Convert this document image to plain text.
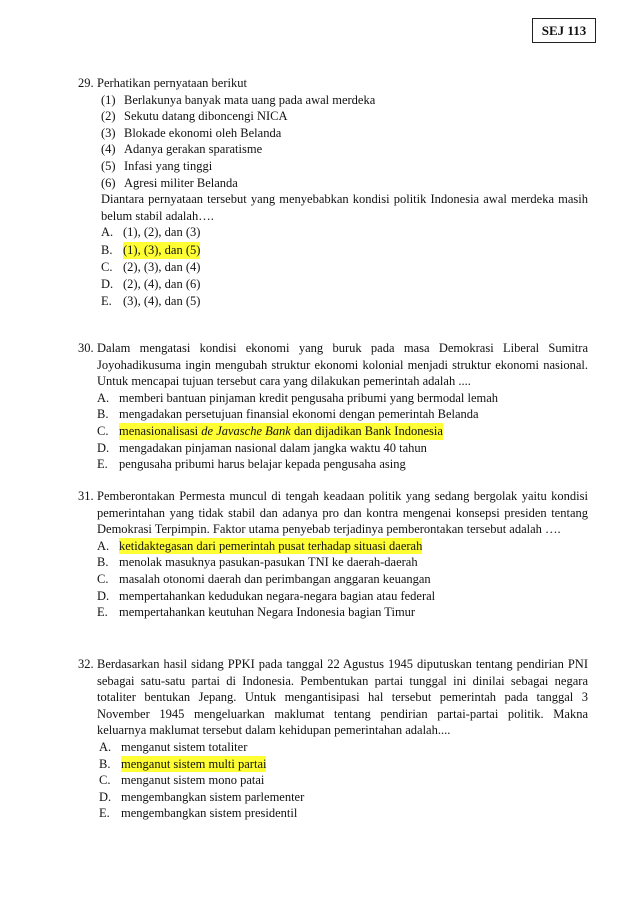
SEJ 113
29. Perhatikan pernyataan berikut
(1) Berlakunya banyak mata uang pada awal merdeka
(2) Sekutu datang diboncengi NICA
(3) Blokade ekonomi oleh Belanda
(4) Adanya gerakan sparatisme
(5) Infasi yang tinggi
(6) Agresi militer Belanda
Diantara pernyataan tersebut yang menyebabkan kondisi politik Indonesia awal merdeka masih belum stabil adalah….
A. (1), (2), dan (3)
B. (1), (3), dan (5)
C. (2), (3), dan (4)
D. (2), (4), dan (6)
E. (3), (4), dan (5)
30. Dalam mengatasi kondisi ekonomi yang buruk pada masa Demokrasi Liberal Sumitra Joyohadikusuma ingin mengubah struktur ekonomi kolonial menjadi struktur ekonomi nasional. Untuk mencapai tujuan tersebut cara yang dilakukan pemerintah adalah ....
A. memberi bantuan pinjaman kredit pengusaha pribumi yang bermodal lemah
B. mengadakan persetujuan finansial ekonomi dengan pemerintah Belanda
C. menasionalisasi de Javasche Bank dan dijadikan Bank Indonesia
D. mengadakan pinjaman nasional dalam jangka waktu 40 tahun
E. pengusaha pribumi harus belajar kepada pengusaha asing
31. Pemberontakan Permesta muncul di tengah keadaan politik yang sedang bergolak yaitu kondisi pemerintahan yang tidak stabil dan adanya pro dan kontra mengenai konsepsi presiden tentang Demokrasi Terpimpin. Faktor utama penyebab terjadinya pemberontakan tersebut adalah ….
A. ketidaktegasan dari pemerintah pusat terhadap situasi daerah
B. menolak masuknya pasukan-pasukan TNI ke daerah-daerah
C. masalah otonomi daerah dan perimbangan anggaran keuangan
D. mempertahankan kedudukan negara-negara bagian atau federal
E. mempertahankan keutuhan Negara Indonesia bagian Timur
32. Berdasarkan hasil sidang PPKI pada tanggal 22 Agustus 1945 diputuskan tentang pendirian PNI sebagai satu-satu partai di Indonesia. Pembentukan partai tunggal ini dinilai sebagai negara totaliter bentukan Jepang. Untuk mengantisipasi hal tersebut pemerintah pada tanggal 3 November 1945 mengeluarkan maklumat tentang pendirian partai-partai politik. Makna keluarnya maklumat tersebut dalam kehidupan pemerintahan adalah....
A. menganut sistem totaliter
B. menganut sistem multi partai
C. menganut sistem mono patai
D. mengembangkan sistem parlementer
E. mengembangkan sistem presidentil
